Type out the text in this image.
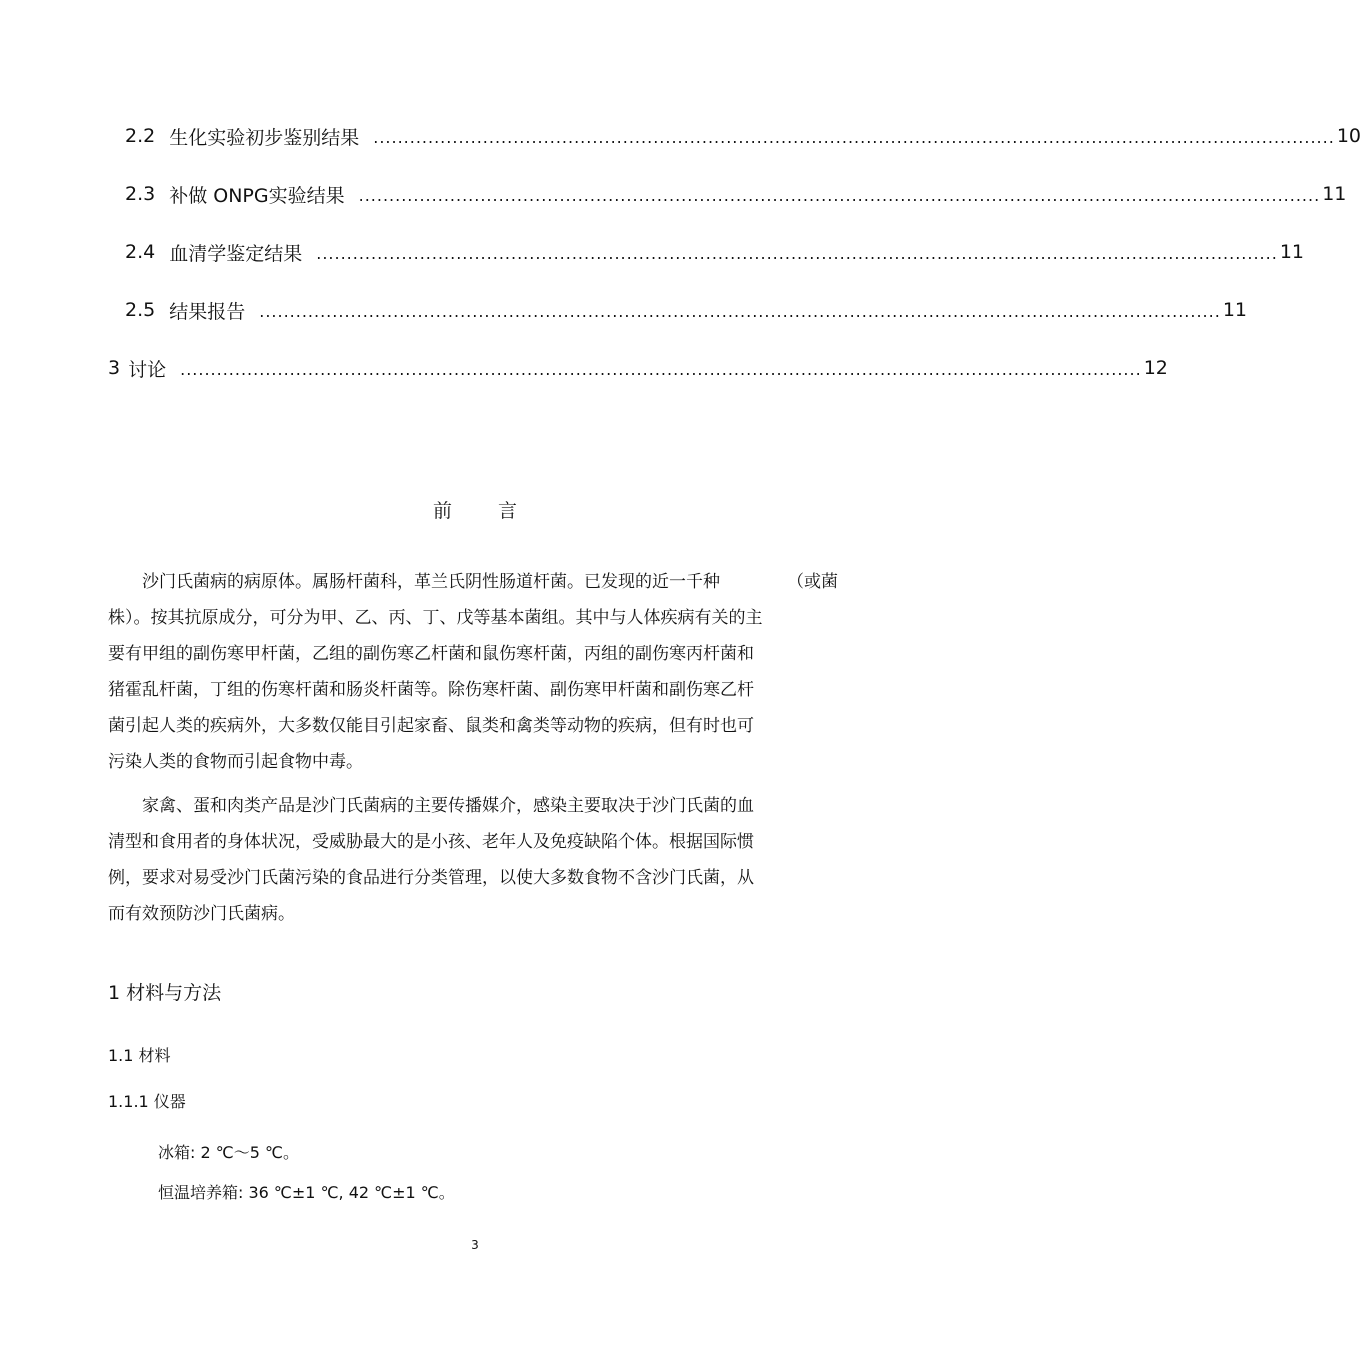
2.2 生化实验初步鉴别结果 .............................................................................................................................................................. 10
2.3 补做 ONPG实验结果 .............................................................................................................................................................. 11
2.4 血清学鉴定结果 .............................................................................................................................................................. 11
2.5 结果报告 .............................................................................................................................................................. 11
3 讨论 .............................................................................................................................................................. 12
前 言
沙门氏菌病的病原体。属肠杆菌科，革兰氏阴性肠道杆菌。已发现的近一千种	（或菌
株）。按其抗原成分，可分为甲、乙、丙、丁、戊等基本菌组。其中与人体疾病有关的主
要有甲组的副伤寒甲杆菌，乙组的副伤寒乙杆菌和鼠伤寒杆菌，丙组的副伤寒丙杆菌和
猪霍乱杆菌，丁组的伤寒杆菌和肠炎杆菌等。除伤寒杆菌、副伤寒甲杆菌和副伤寒乙杆
菌引起人类的疾病外，大多数仅能目引起家畜、鼠类和禽类等动物的疾病，但有时也可
污染人类的食物而引起食物中毒。
家禽、蛋和肉类产品是沙门氏菌病的主要传播媒介，感染主要取决于沙门氏菌的血
清型和食用者的身体状况，受威胁最大的是小孩、老年人及免疫缺陷个体。根据国际惯
例，要求对易受沙门氏菌污染的食品进行分类管理，以使大多数食物不含沙门氏菌，从
而有效预防沙门氏菌病。
1 材料与方法
1.1 材料
1.1.1 仪器
冰箱: 2 ℃～5 ℃。
恒温培养箱: 36 ℃±1 ℃, 42 ℃±1 ℃。
3
